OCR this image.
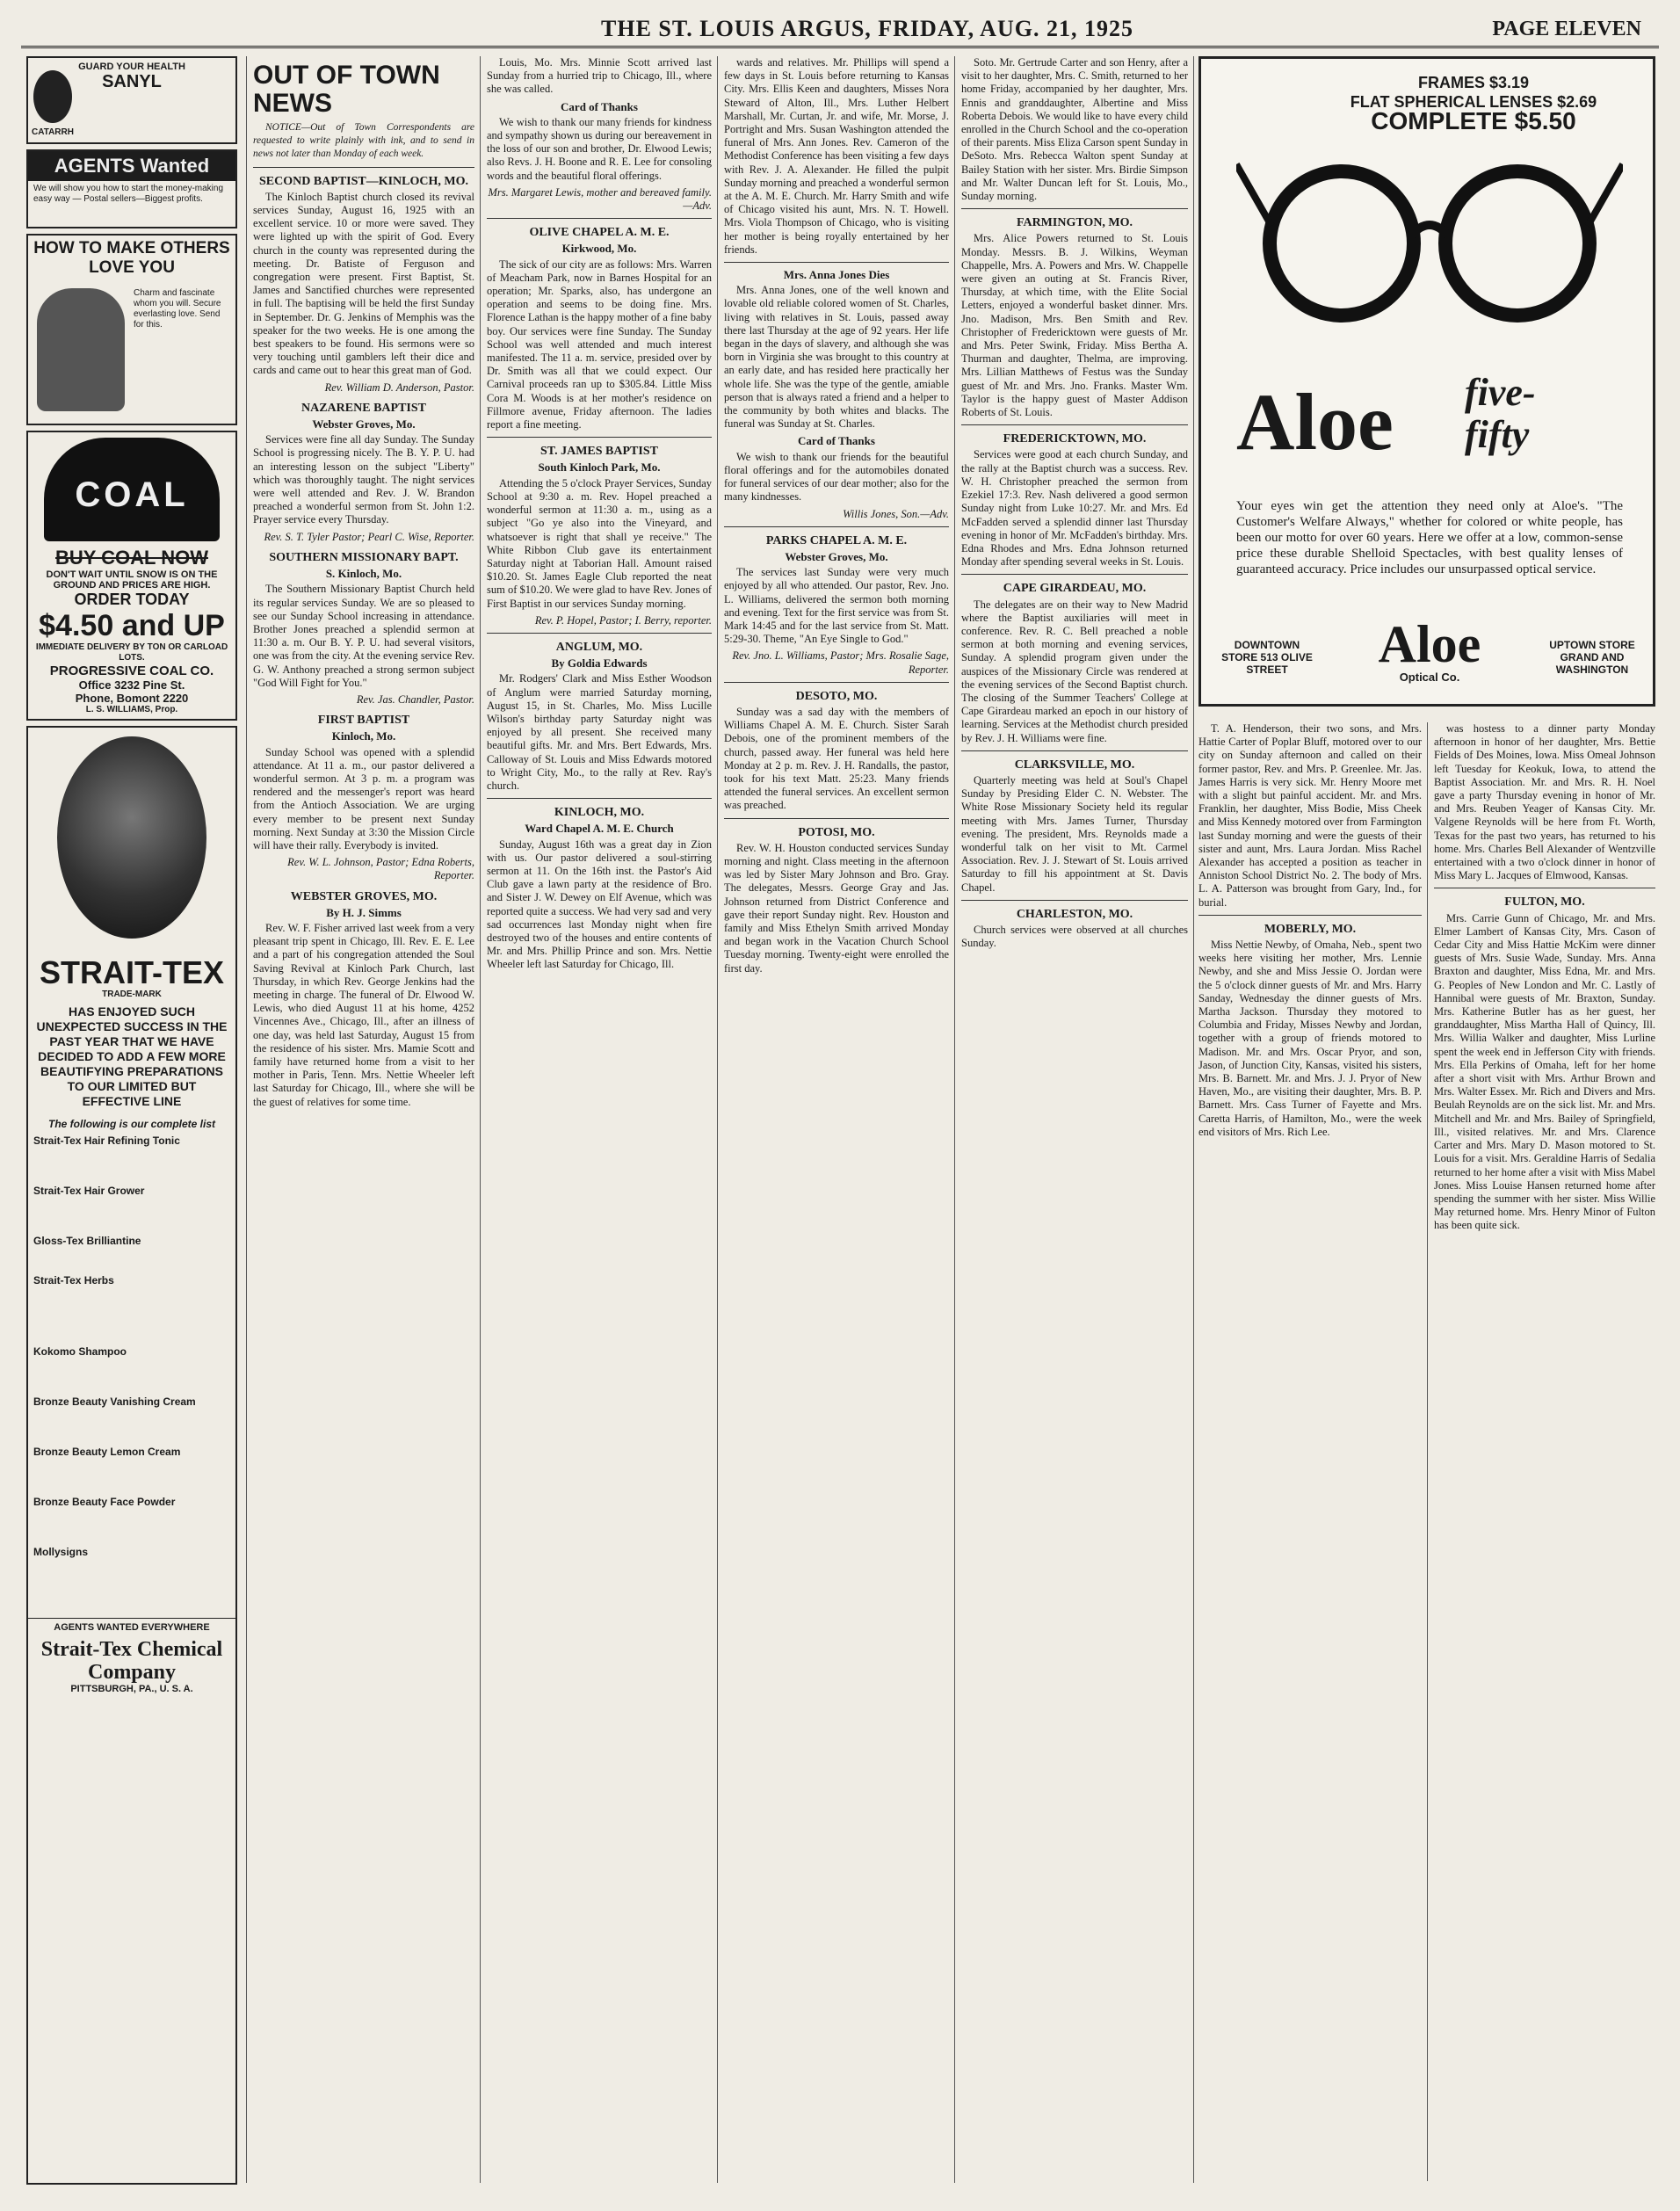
THE ST. LOUIS ARGUS, FRIDAY, AUG. 21, 1925	PAGE ELEVEN
GUARD YOUR HEALTH
SANYL
CATARRH
AGENTS Wanted
We will show you how to start the money-making easy way — Postal sellers—Biggest profits.
HOW TO MAKE OTHERS LOVE YOU
Charm and fascinate whom you will. Secure everlasting love. Send for this.
COAL
BUY COAL NOW
DON'T WAIT UNTIL SNOW IS ON THE GROUND AND PRICES ARE HIGH.
ORDER TODAY
$4.50 and UP
IMMEDIATE DELIVERY BY TON OR CARLOAD LOTS.
PROGRESSIVE COAL CO.
Office 3232 Pine St.
Phone, Bomont 2220
L. S. WILLIAMS, Prop.
STRAIT-TEX
TRADE-MARK
HAS ENJOYED SUCH UNEXPECTED SUCCESS IN THE PAST YEAR THAT WE HAVE DECIDED TO ADD A FEW MORE BEAUTIFYING PREPARATIONS TO OUR LIMITED BUT EFFECTIVE LINE
The following is our complete list
Strait-Tex Hair Refining Tonic
Strait-Tex Hair Grower
Gloss-Tex Brilliantine
Strait-Tex Herbs
Kokomo Shampoo
Bronze Beauty Vanishing Cream
Bronze Beauty Lemon Cream
Bronze Beauty Face Powder
Mollysigns
AGENTS WANTED EVERYWHERE
Strait-Tex Chemical Company
PITTSBURGH, PA., U. S. A.
OUT OF TOWN NEWS

NOTICE—Out of Town Correspondents are requested to write plainly with ink, and to send in news not later than Monday of each week.

SECOND BAPTIST—KINLOCH, MO.

The Kinloch Baptist church closed its revival services Sunday, August 16, 1925 with an excellent service. 10 or more were saved. They were lighted up with the spirit of God. Every church in the county was represented during the meeting. Dr. Batiste of Ferguson and congregation were present. First Baptist, St. James and Sanctified churches were represented in full. The baptising will be held the first Sunday in September. Dr. G. Jenkins of Memphis was the speaker for the two weeks. He is one among the best speakers to be found. His sermons were so very touching until gamblers left their dice and cards and came out to hear this great man of God.

Rev. William D. Anderson, Pastor.

NAZARENE BAPTIST
Webster Groves, Mo.

Services were fine all day Sunday. The Sunday School is progressing nicely. The B. Y. P. U. had an interesting lesson on the subject "Liberty" which was thoroughly taught. The night services were well attended and Rev. J. W. Brandon preached a wonderful sermon from St. John 1:2. Prayer service every Thursday.

Rev. S. T. Tyler Pastor; Pearl C. Wise, Reporter.

SOUTHERN MISSIONARY BAPT.
S. Kinloch, Mo.

The Southern Missionary Baptist Church held its regular services Sunday. We are so pleased to see our Sunday School increasing in attendance. Brother Jones preached a splendid sermon at 11:30 a. m. Our B. Y. P. U. had several visitors, one was from the city. At the evening service Rev. G. W. Anthony preached a strong sermon subject "God Will Fight for You."

Rev. Jas. Chandler, Pastor.

FIRST BAPTIST
Kinloch, Mo.

Sunday School was opened with a splendid attendance. At 11 a. m., our pastor delivered a wonderful sermon. At 3 p. m. a program was rendered and the messenger's report was heard from the Antioch Association. We are urging every member to be present next Sunday morning. Next Sunday at 3:30 the Mission Circle will have their rally. Everybody is invited.

Rev. W. L. Johnson, Pastor; Edna Roberts, Reporter.

WEBSTER GROVES, MO.
By H. J. Simms

Rev. W. F. Fisher arrived last week from a very pleasant trip spent in Chicago, Ill. Rev. E. E. Lee and a part of his congregation attended the Soul Saving Revival at Kinloch Park Church, last Thursday, in which Rev. George Jenkins had the meeting in charge. The funeral of Dr. Elwood W. Lewis, who died August 11 at his home, 4252 Vincennes Ave., Chicago, Ill., after an illness of one day, was held last Saturday, August 15 from the residence of his sister. Mrs. Mamie Scott and family have returned home from a visit to her mother in Paris, Tenn. Mrs. Nettie Wheeler left last Saturday for Chicago, Ill., where she will be the guest of relatives for some time.

Louis, Mo. Mrs. Minnie Scott arrived last Sunday from a hurried trip to Chicago, Ill., where she was called.

Card of Thanks

We wish to thank our many friends for kindness and sympathy shown us during our bereavement in the loss of our son and brother, Dr. Elwood Lewis; also Revs. J. H. Boone and R. E. Lee for consoling words and the beautiful floral offerings.

Mrs. Margaret Lewis, mother and bereaved family.—Adv.

OLIVE CHAPEL A. M. E.
Kirkwood, Mo.

The sick of our city are as follows: Mrs. Warren of Meacham Park, now in Barnes Hospital for an operation; Mr. Sparks, also, has undergone an operation and seems to be doing fine. Mrs. Florence Lathan is the happy mother of a fine baby boy. Our services were fine Sunday. The Sunday School was well attended and much interest manifested. The 11 a. m. service, presided over by Dr. Smith was all that we could expect. Our Carnival proceeds ran up to $305.84. Little Miss Cora M. Woods is at her mother's residence on Fillmore avenue, Friday afternoon. The ladies report a fine meeting.

ST. JAMES BAPTIST
South Kinloch Park, Mo.

Attending the 5 o'clock Prayer Services, Sunday School at 9:30 a. m. Rev. Hopel preached a wonderful sermon at 11:30 a. m., using as a subject "Go ye also into the Vineyard, and whatsoever is right that shall ye receive." The White Ribbon Club gave its entertainment Saturday night at Taborian Hall. Amount raised $10.20. St. James Eagle Club reported the neat sum of $10.20. We were glad to have Rev. Jones of First Baptist in our services Sunday morning.

Rev. P. Hopel, Pastor; I. Berry, reporter.

ANGLUM, MO.
By Goldia Edwards

Mr. Rodgers' Clark and Miss Esther Woodson of Anglum were married Saturday morning, August 15, in St. Charles, Mo. Miss Lucille Wilson's birthday party Saturday night was enjoyed by all present. She received many beautiful gifts. Mr. and Mrs. Bert Edwards, Mrs. Calloway of St. Louis and Miss Edwards motored to Wright City, Mo., to the rally at Rev. Ray's church.

KINLOCH, MO.
Ward Chapel A. M. E. Church

Sunday, August 16th was a great day in Zion with us. Our pastor delivered a soul-stirring sermon at 11. On the 16th inst. the Pastor's Aid Club gave a lawn party at the residence of Bro. and Sister J. W. Dewey on Elf Avenue, which was reported quite a success. We had very sad and very sad occurrences last Monday night when fire destroyed two of the houses and entire contents of Mr. and Mrs. Phillip Prince and son. Mrs. Nettie Wheeler left last Saturday for Chicago, Ill.

wards and relatives. Mr. Phillips will spend a few days in St. Louis before returning to Kansas City. Mrs. Ellis Keen and daughters, Misses Nora Steward of Alton, Ill., Mrs. Luther Helbert Marshall, Mr. Curtan, Jr. and wife, Mr. Morse, J. Portright and Mrs. Susan Washington attended the funeral of Mrs. Ann Jones. Rev. Cameron of the Methodist Conference has been visiting a few days with Rev. J. A. Alexander. He filled the pulpit Sunday morning and preached a wonderful sermon at the A. M. E. Church. Mr. Harry Smith and wife of Chicago visited his aunt, Mrs. N. T. Howell. Mrs. Viola Thompson of Chicago, who is visiting her mother is being royally entertained by her friends.

Mrs. Anna Jones Dies

Mrs. Anna Jones, one of the well known and lovable old reliable colored women of St. Charles, living with relatives in St. Louis, passed away there last Thursday at the age of 92 years. Her life began in the days of slavery, and although she was born in Virginia she was brought to this country at an early date, and has resided here practically her whole life. She was the type of the gentle, amiable person that is always rated a friend and a helper to the community by both whites and blacks. The funeral was Sunday at St. Charles.

Card of Thanks

We wish to thank our friends for the beautiful floral offerings and for the automobiles donated for funeral services of our dear mother; also for the many kindnesses.

Willis Jones, Son.—Adv.

PARKS CHAPEL A. M. E.
Webster Groves, Mo.

The services last Sunday were very much enjoyed by all who attended. Our pastor, Rev. Jno. L. Williams, delivered the sermon both morning and evening. Text for the first service was from St. Mark 14:45 and for the last service from St. Matt. 5:29-30. Theme, "An Eye Single to God."

Rev. Jno. L. Williams, Pastor; Mrs. Rosalie Sage, Reporter.

DESOTO, MO.

Sunday was a sad day with the members of Williams Chapel A. M. E. Church. Sister Sarah Debois, one of the prominent members of the church, passed away. Her funeral was held here Monday at 2 p. m. Rev. J. H. Randalls, the pastor, took for his text Matt. 25:23. Many friends attended the funeral services. An excellent sermon was preached.

POTOSI, MO.

Rev. W. H. Houston conducted services Sunday morning and night. Class meeting in the afternoon was led by Sister Mary Johnson and Bro. Gray. The delegates, Messrs. George Gray and Jas. Johnson returned from District Conference and gave their report Sunday night. Rev. Houston and family and Miss Ethelyn Smith arrived Monday and began work in the Vacation Church School Tuesday morning. Twenty-eight were enrolled the first day.

Soto. Mr. Gertrude Carter and son Henry, after a visit to her daughter, Mrs. C. Smith, returned to her home Friday, accompanied by her daughter, Mrs. Ennis and granddaughter, Albertine and Miss Roberta Debois. We would like to have every child enrolled in the Church School and the co-operation of their parents. Miss Eliza Carson spent Sunday in DeSoto. Mrs. Rebecca Walton spent Sunday at Bailey Station with her sister. Mrs. Birdie Simpson and Mr. Walter Duncan left for St. Louis, Mo., Sunday morning.

FARMINGTON, MO.

Mrs. Alice Powers returned to St. Louis Monday. Messrs. B. J. Wilkins, Weyman Chappelle, Mrs. A. Powers and Mrs. W. Chappelle were given an outing at St. Francis River, Thursday, at which time, with the Elite Social Letters, enjoyed a wonderful basket dinner. Mrs. Jno. Madison, Mrs. Ben Smith and Rev. Christopher of Fredericktown were guests of Mr. and Mrs. Peter Swink, Friday. Miss Bertha A. Thurman and daughter, Thelma, are improving. Mrs. Lillian Matthews of Festus was the Sunday guest of Mr. and Mrs. Jno. Franks. Master Wm. Taylor is the happy guest of Master Addison Roberts of St. Louis.

FREDERICKTOWN, MO.

Services were good at each church Sunday, and the rally at the Baptist church was a success. Rev. W. H. Christopher preached the sermon from Ezekiel 17:3. Rev. Nash delivered a good sermon Sunday night from Luke 10:27. Mr. and Mrs. Ed McFadden served a splendid dinner last Thursday evening in honor of Mr. McFadden's birthday. Mrs. Edna Rhodes and Mrs. Edna Johnson returned Monday after spending several weeks in St. Louis.

CAPE GIRARDEAU, MO.

The delegates are on their way to New Madrid where the Baptist auxiliaries will meet in conference. Rev. R. C. Bell preached a noble sermon at both morning and evening services, Sunday. A splendid program given under the auspices of the Missionary Circle was rendered at the evening services of the Second Baptist church. The closing of the Summer Teachers' College at Cape Girardeau marked an epoch in our history of learning. Services at the Methodist church presided by Rev. J. H. Williams were fine.

CLARKSVILLE, MO.

Quarterly meeting was held at Soul's Chapel Sunday by Presiding Elder C. N. Webster. The White Rose Missionary Society held its regular meeting with Mrs. James Turner, Thursday evening. The president, Mrs. Reynolds made a wonderful talk on her visit to Mt. Carmel Association. Rev. J. J. Stewart of St. Louis arrived Saturday to fill his appointment at St. Davis Chapel.

CHARLESTON, MO.

Church services were observed at all churches Sunday.

FRAMES $3.19
FLAT SPHERICAL LENSES $2.69
COMPLETE $5.50
Aloe five-
fifty
Your eyes win get the attention they need only at Aloe's. "The Customer's Welfare Always," whether for colored or white people, has been our motto for over 60 years. Here we offer at a low, common-sense price these durable Shelloid Spectacles, with best quality lenses of guaranteed accuracy. Price includes our unsurpassed optical service.
DOWNTOWN STORE 513 OLIVE STREET	Aloe
Optical Co.
UPTOWN STORE GRAND AND WASHINGTON

T. A. Henderson, their two sons, and Mrs. Hattie Carter of Poplar Bluff, motored over to our city on Sunday afternoon and called on their former pastor, Rev. and Mrs. P. Greenlee. Mr. Jas. James Harris is very sick. Mr. Henry Moore met with a slight but painful accident. Mr. and Mrs. Franklin, her daughter, Miss Bodie, Miss Cheek and Miss Kennedy motored over from Farmington last Sunday morning and were the guests of their sister and aunt, Mrs. Laura Jordan. Miss Rachel Alexander has accepted a position as teacher in Anniston School District No. 2. The body of Mrs. L. A. Patterson was brought from Gary, Ind., for burial.

MOBERLY, MO.

Miss Nettie Newby, of Omaha, Neb., spent two weeks here visiting her mother, Mrs. Lennie Newby, and she and Miss Jessie O. Jordan were the 5 o'clock dinner guests of Mr. and Mrs. Harry Sanday, Wednesday the dinner guests of Mrs. Martha Jackson. Thursday they motored to Columbia and Friday, Misses Newby and Jordan, together with a group of friends motored to Madison. Mr. and Mrs. Oscar Pryor, and son, Jason, of Junction City, Kansas, visited his sisters, Mrs. B. Barnett. Mr. and Mrs. J. J. Pryor of New Haven, Mo., are visiting their daughter, Mrs. B. P. Barnett. Mrs. Cass Turner of Fayette and Mrs. Caretta Harris, of Hamilton, Mo., were the week end visitors of Mrs. Rich Lee.

was hostess to a dinner party Monday afternoon in honor of her daughter, Mrs. Bettie Fields of Des Moines, Iowa. Miss Omeal Johnson left Tuesday for Keokuk, Iowa, to attend the Baptist Association. Mr. and Mrs. R. H. Noel gave a party Thursday evening in honor of Mr. and Mrs. Reuben Yeager of Kansas City. Mr. Valgene Reynolds will be here from Ft. Worth, Texas for the past two years, has returned to his home. Mrs. Charles Bell Alexander of Wentzville entertained with a two o'clock dinner in honor of Miss Mary L. Jacques of Elmwood, Kansas.

FULTON, MO.

Mrs. Carrie Gunn of Chicago, Mr. and Mrs. Elmer Lambert of Kansas City, Mrs. Cason of Cedar City and Miss Hattie McKim were dinner guests of Mrs. Susie Wade, Sunday. Mrs. Anna Braxton and daughter, Miss Edna, Mr. and Mrs. G. Peoples of New London and Mr. C. Lastly of Hannibal were guests of Mr. Braxton, Sunday. Mrs. Katherine Butler has as her guest, her granddaughter, Miss Martha Hall of Quincy, Ill. Mrs. Willia Walker and daughter, Miss Lurline spent the week end in Jefferson City with friends. Mrs. Ella Perkins of Omaha, left for her home after a short visit with Mrs. Arthur Brown and Mrs. Walter Essex. Mr. Rich and Divers and Mrs. Beulah Reynolds are on the sick list. Mr. and Mrs. Mitchell and Mr. and Mrs. Bailey of Springfield, Ill., visited relatives. Mr. and Mrs. Clarence Carter and Mrs. Mary D. Mason motored to St. Louis for a visit. Mrs. Geraldine Harris of Sedalia returned to her home after a visit with Miss Mabel Jones. Miss Louise Hansen returned home after spending the summer with her sister. Miss Willie May returned home. Mrs. Henry Minor of Fulton has been quite sick.
